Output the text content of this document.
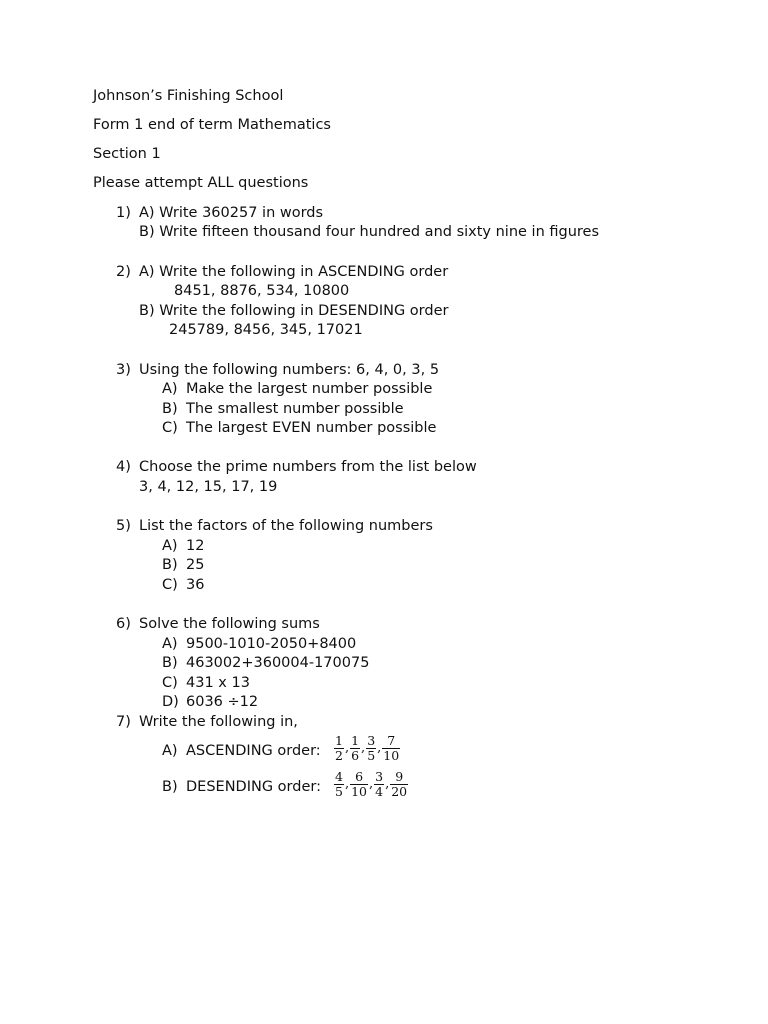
Johnson’s Finishing School
Form 1 end of term Mathematics
Section 1
Please attempt ALL questions
1) A) Write 360257 in words
B) Write fifteen thousand four hundred and sixty nine in figures
2) A) Write the following in ASCENDING order
8451, 8876, 534, 10800
B) Write the following in DESENDING order
245789, 8456, 345, 17021
3) Using the following numbers: 6, 4, 0, 3, 5
A) Make the largest number possible
B) The smallest number possible
C) The largest EVEN number possible
4) Choose the prime numbers from the list below
3, 4, 12, 15, 17, 19
5) List the factors of the following numbers
A) 12
B) 25
C) 36
6) Solve the following sums
A) 9500-1010-2050+8400
B) 463002+360004-170075
C) 431 x 13
D) 6036 ÷12
7) Write the following in,
A) ASCENDING order: $\frac{1}{2}$ , $\frac{1}{6}$ , $\frac{3}{5}$ , $\frac{7}{10}$
B) DESENDING order: $\frac{4}{5}$ , $\frac{6}{10}$ , $\frac{3}{4}$ , $\frac{9}{20}$
